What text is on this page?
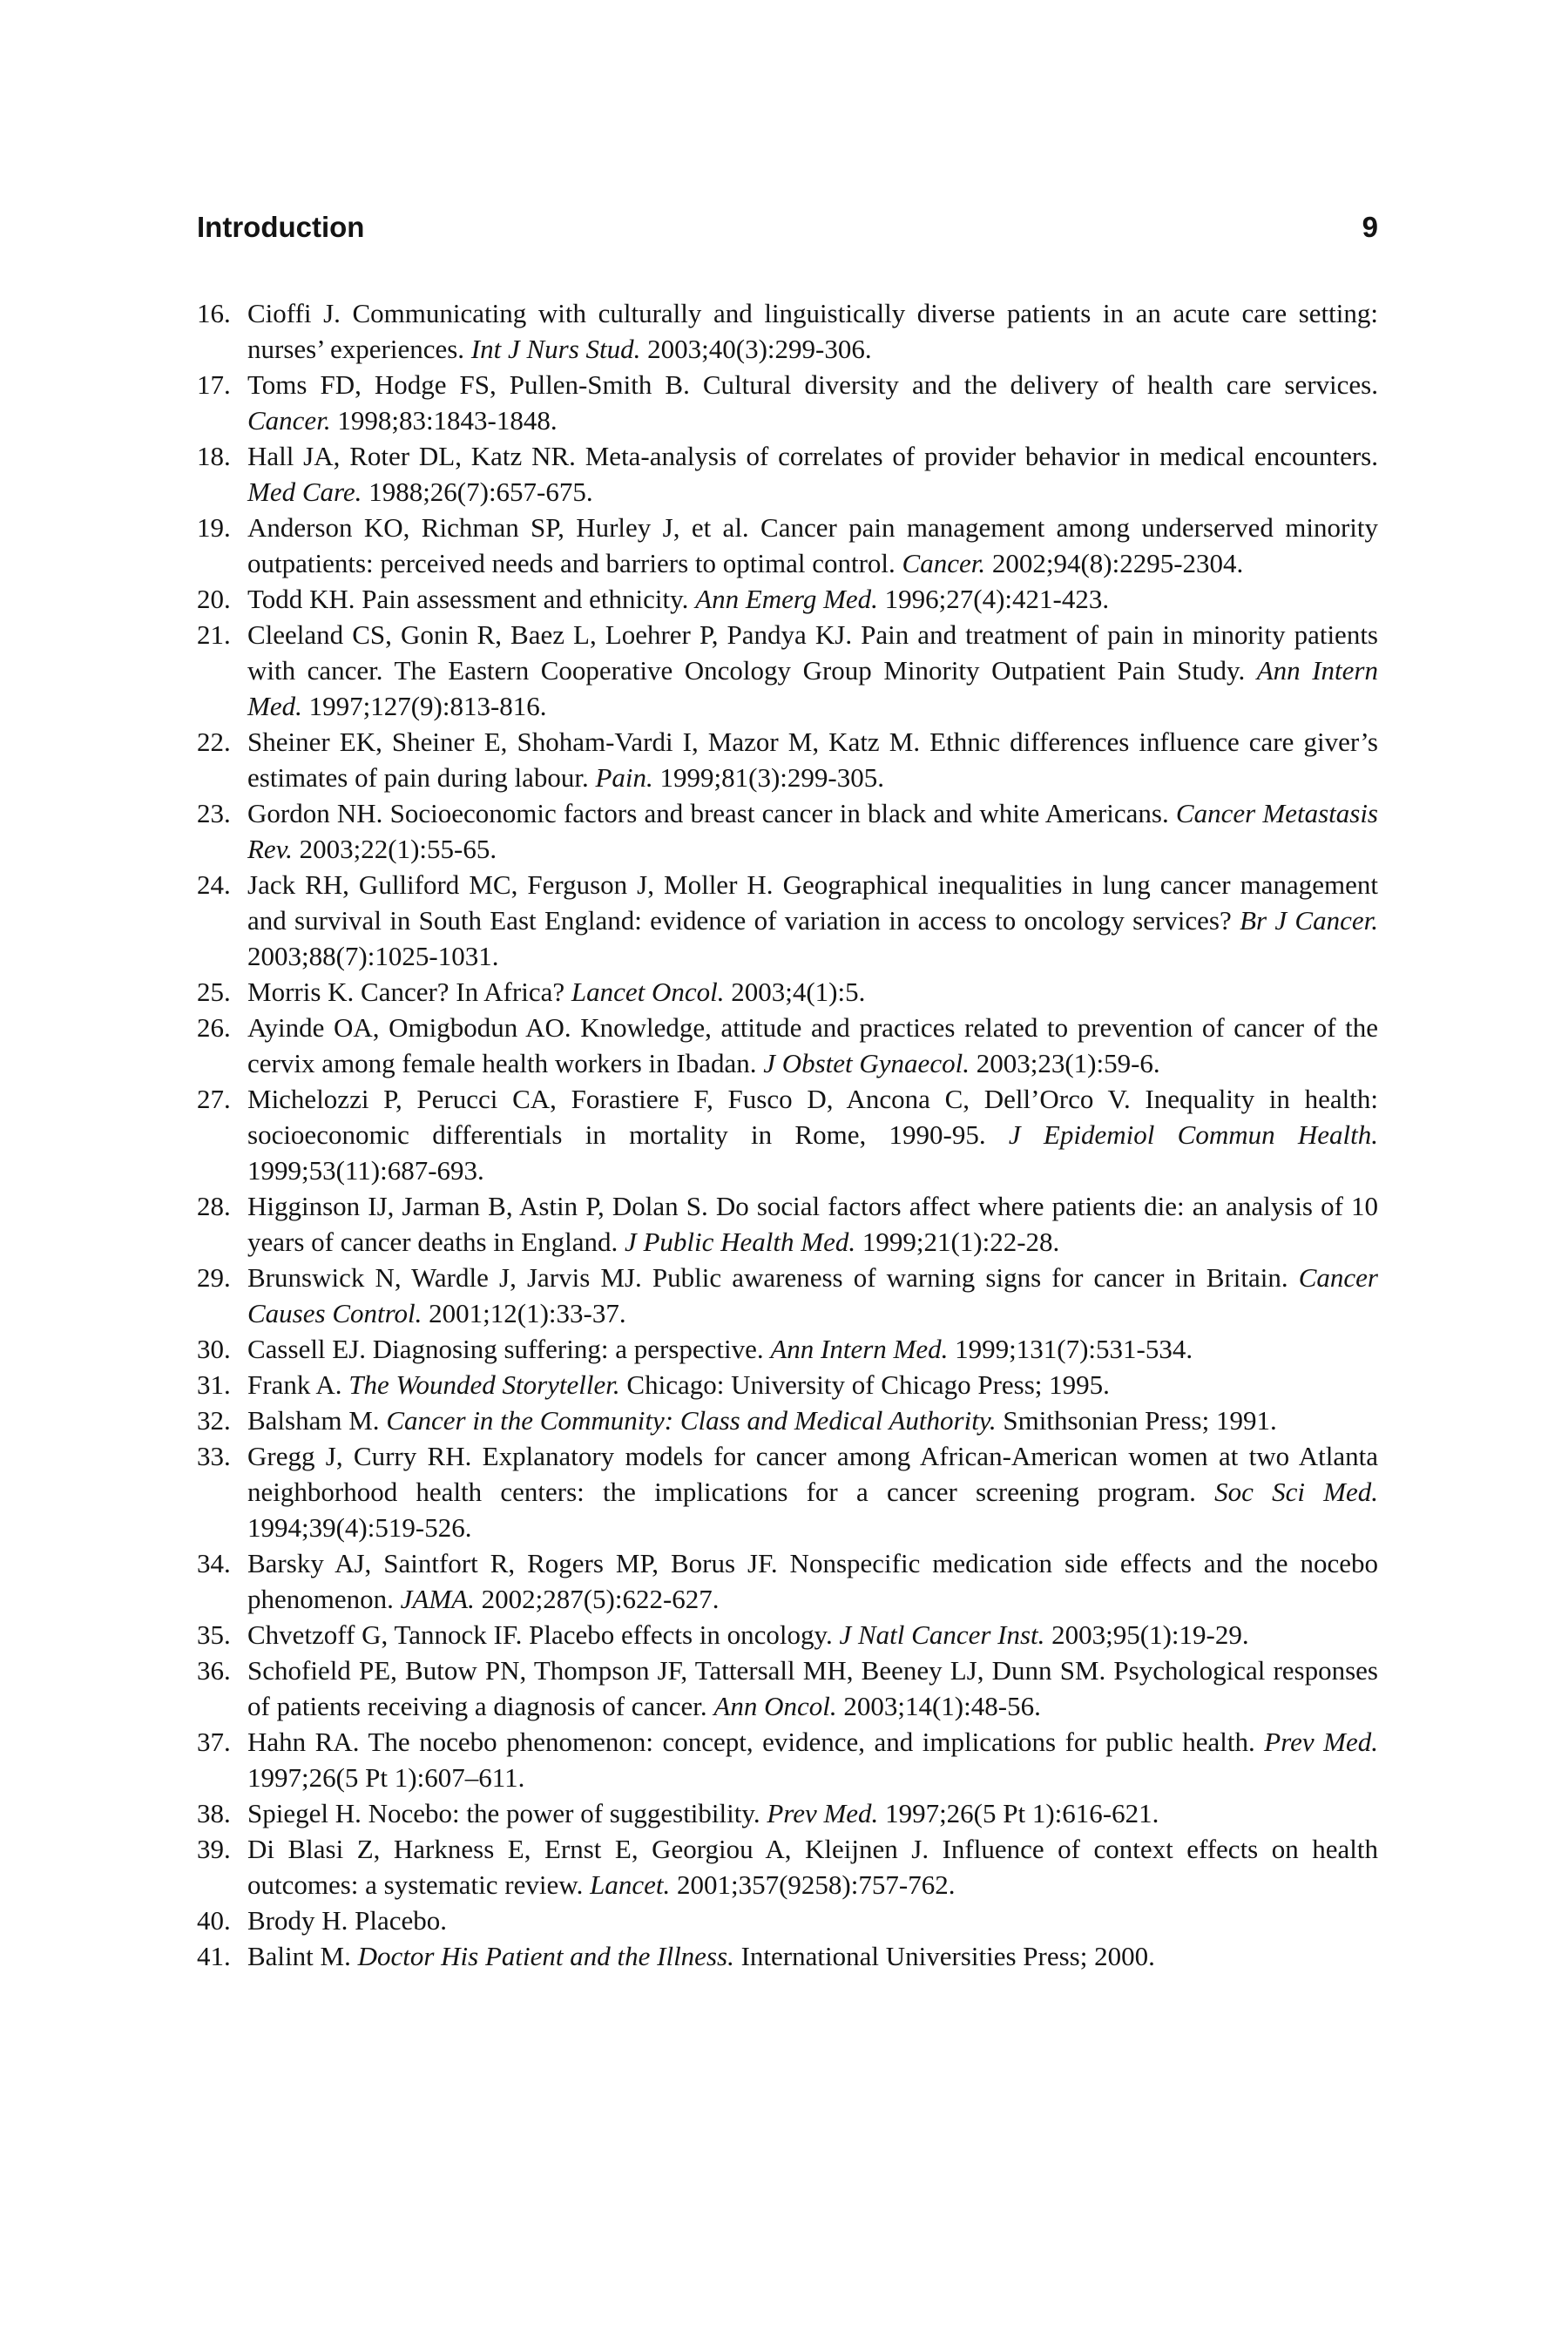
Introduction	9
16. Cioffi J. Communicating with culturally and linguistically diverse patients in an acute care setting: nurses’ experiences. Int J Nurs Stud. 2003;40(3):299-306.
17. Toms FD, Hodge FS, Pullen-Smith B. Cultural diversity and the delivery of health care services. Cancer. 1998;83:1843-1848.
18. Hall JA, Roter DL, Katz NR. Meta-analysis of correlates of provider behavior in medical encounters. Med Care. 1988;26(7):657-675.
19. Anderson KO, Richman SP, Hurley J, et al. Cancer pain management among underserved minority outpatients: perceived needs and barriers to optimal control. Cancer. 2002;94(8):2295-2304.
20. Todd KH. Pain assessment and ethnicity. Ann Emerg Med. 1996;27(4):421-423.
21. Cleeland CS, Gonin R, Baez L, Loehrer P, Pandya KJ. Pain and treatment of pain in minority patients with cancer. The Eastern Cooperative Oncology Group Minority Outpatient Pain Study. Ann Intern Med. 1997;127(9):813-816.
22. Sheiner EK, Sheiner E, Shoham-Vardi I, Mazor M, Katz M. Ethnic differences influence care giver’s estimates of pain during labour. Pain. 1999;81(3):299-305.
23. Gordon NH. Socioeconomic factors and breast cancer in black and white Americans. Cancer Metastasis Rev. 2003;22(1):55-65.
24. Jack RH, Gulliford MC, Ferguson J, Moller H. Geographical inequalities in lung cancer management and survival in South East England: evidence of variation in access to oncology services? Br J Cancer. 2003;88(7):1025-1031.
25. Morris K. Cancer? In Africa? Lancet Oncol. 2003;4(1):5.
26. Ayinde OA, Omigbodun AO. Knowledge, attitude and practices related to prevention of cancer of the cervix among female health workers in Ibadan. J Obstet Gynaecol. 2003;23(1):59-6.
27. Michelozzi P, Perucci CA, Forastiere F, Fusco D, Ancona C, Dell’Orco V. Inequality in health: socioeconomic differentials in mortality in Rome, 1990-95. J Epidemiol Commun Health. 1999;53(11):687-693.
28. Higginson IJ, Jarman B, Astin P, Dolan S. Do social factors affect where patients die: an analysis of 10 years of cancer deaths in England. J Public Health Med. 1999;21(1):22-28.
29. Brunswick N, Wardle J, Jarvis MJ. Public awareness of warning signs for cancer in Britain. Cancer Causes Control. 2001;12(1):33-37.
30. Cassell EJ. Diagnosing suffering: a perspective. Ann Intern Med. 1999;131(7):531-534.
31. Frank A. The Wounded Storyteller. Chicago: University of Chicago Press; 1995.
32. Balsham M. Cancer in the Community: Class and Medical Authority. Smithsonian Press; 1991.
33. Gregg J, Curry RH. Explanatory models for cancer among African-American women at two Atlanta neighborhood health centers: the implications for a cancer screening program. Soc Sci Med. 1994;39(4):519-526.
34. Barsky AJ, Saintfort R, Rogers MP, Borus JF. Nonspecific medication side effects and the nocebo phenomenon. JAMA. 2002;287(5):622-627.
35. Chvetzoff G, Tannock IF. Placebo effects in oncology. J Natl Cancer Inst. 2003;95(1):19-29.
36. Schofield PE, Butow PN, Thompson JF, Tattersall MH, Beeney LJ, Dunn SM. Psychological responses of patients receiving a diagnosis of cancer. Ann Oncol. 2003;14(1):48-56.
37. Hahn RA. The nocebo phenomenon: concept, evidence, and implications for public health. Prev Med. 1997;26(5 Pt 1):607–611.
38. Spiegel H. Nocebo: the power of suggestibility. Prev Med. 1997;26(5 Pt 1):616-621.
39. Di Blasi Z, Harkness E, Ernst E, Georgiou A, Kleijnen J. Influence of context effects on health outcomes: a systematic review. Lancet. 2001;357(9258):757-762.
40. Brody H. Placebo.
41. Balint M. Doctor His Patient and the Illness. International Universities Press; 2000.
